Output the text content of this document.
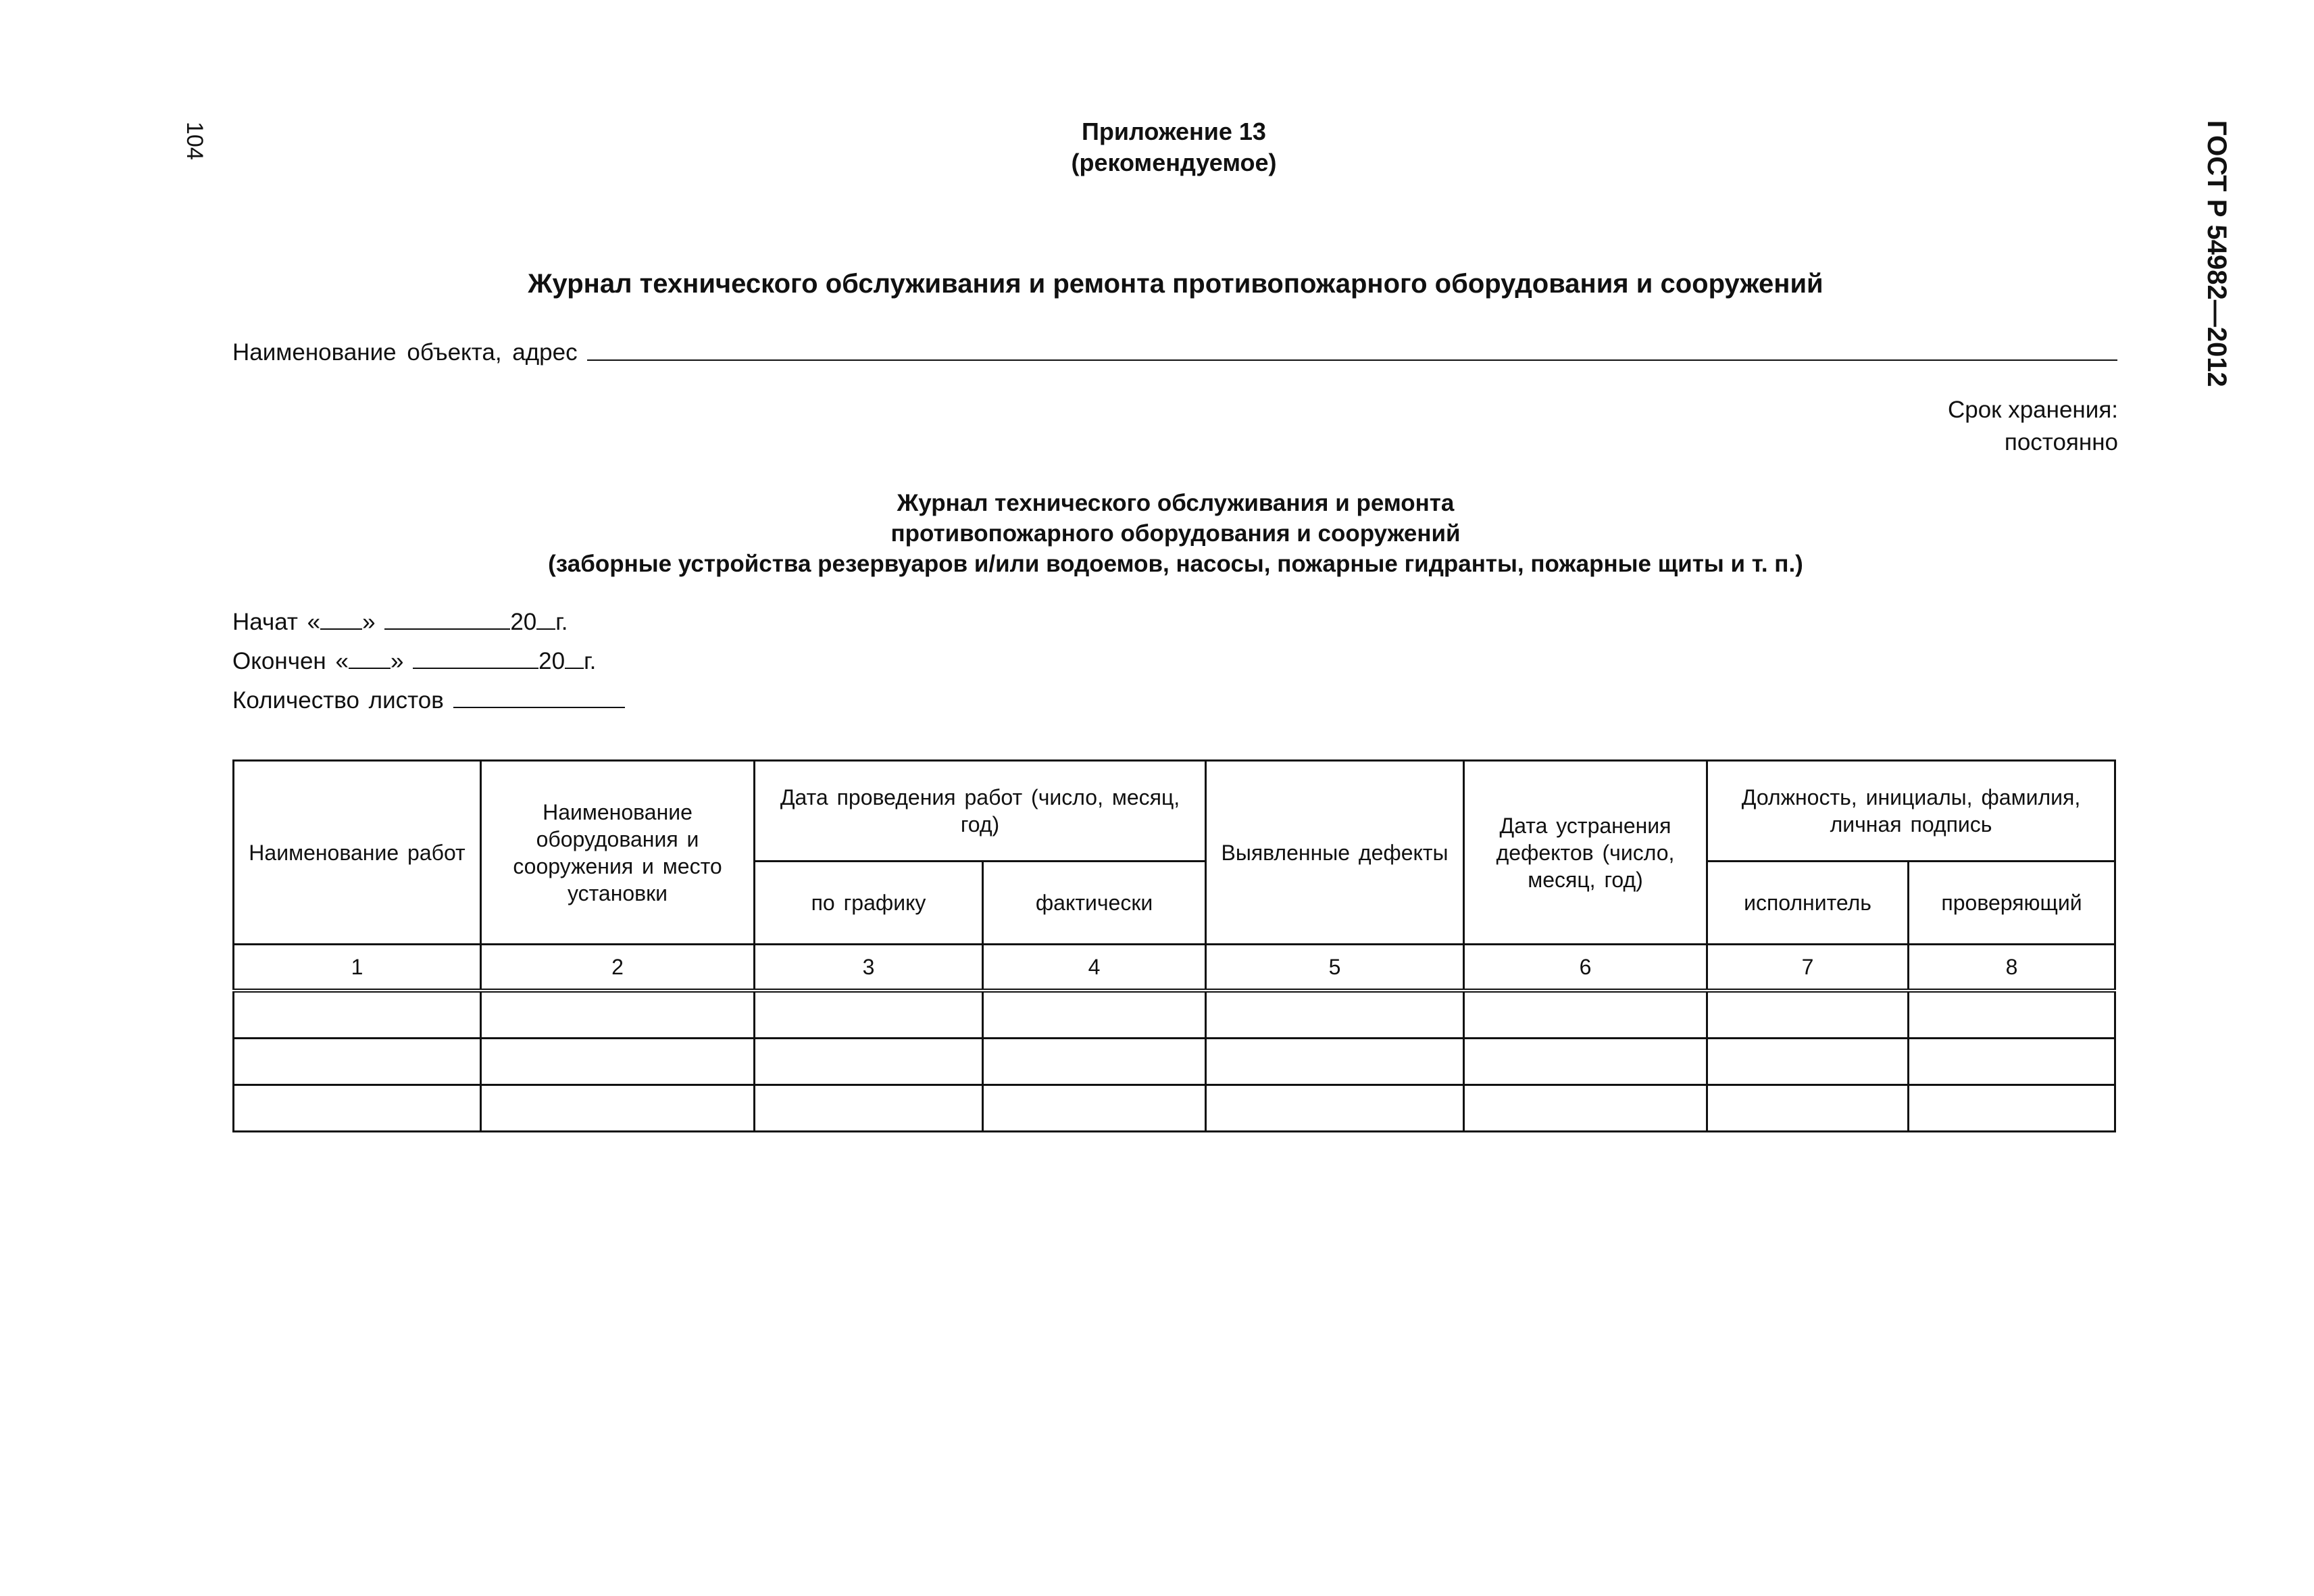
104	ГОСТ Р 54982—2012
Приложение 13
(рекомендуемое)
Журнал технического обслуживания и ремонта противопожарного оборудования и сооружений
Наименование объекта, адрес
Срок хранения:
постоянно
Журнал технического обслуживания и ремонта
противопожарного оборудования и сооружений
(заборные устройства резервуаров и/или водоемов, насосы, пожарные гидранты, пожарные щиты и т. п.)
Начат « »	20 г.
Окончен « »	20 г.
Количество листов
Наименование работ	Наименование оборудования и сооружения и место установки	Дата проведения работ (число, месяц, год)		Выявленные дефекты	Дата устранения дефектов (число, месяц, год)	Должность, инициалы, фамилия, личная подпись	
		по графику	фактически			исполнитель	проверяющий
1	2	3	4	5	6	7	8
